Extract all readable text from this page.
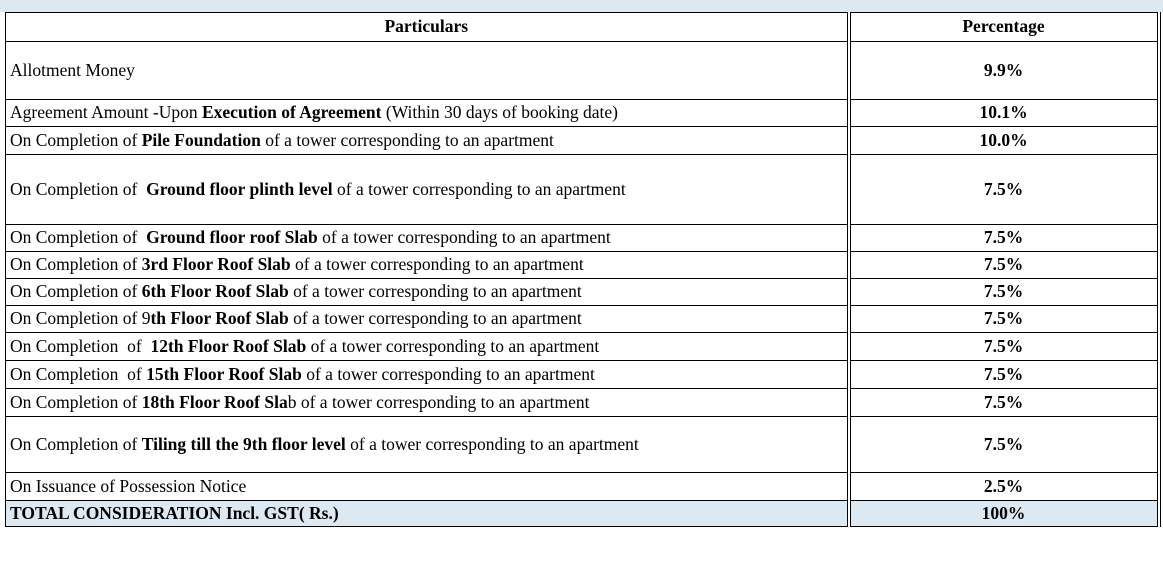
Particulars	Percentage
Allotment Money	9.9%
Agreement Amount -Upon Execution of Agreement (Within 30 days of booking date)	10.1%
On Completion of Pile Foundation of a tower corresponding to an apartment	10.0%
On Completion of  Ground floor plinth level of a tower corresponding to an apartment	7.5%
On Completion of  Ground floor roof Slab of a tower corresponding to an apartment	7.5%
On Completion of 3rd Floor Roof Slab of a tower corresponding to an apartment	7.5%
On Completion of 6th Floor Roof Slab of a tower corresponding to an apartment	7.5%
On Completion of 9th Floor Roof Slab of a tower corresponding to an apartment	7.5%
On Completion  of  12th Floor Roof Slab of a tower corresponding to an apartment	7.5%
On Completion  of 15th Floor Roof Slab of a tower corresponding to an apartment	7.5%
On Completion of 18th Floor Roof Slab of a tower corresponding to an apartment	7.5%
On Completion of Tiling till the 9th floor level of a tower corresponding to an apartment	7.5%
On Issuance of Possession Notice	2.5%
TOTAL CONSIDERATION Incl. GST( Rs.)	100%
